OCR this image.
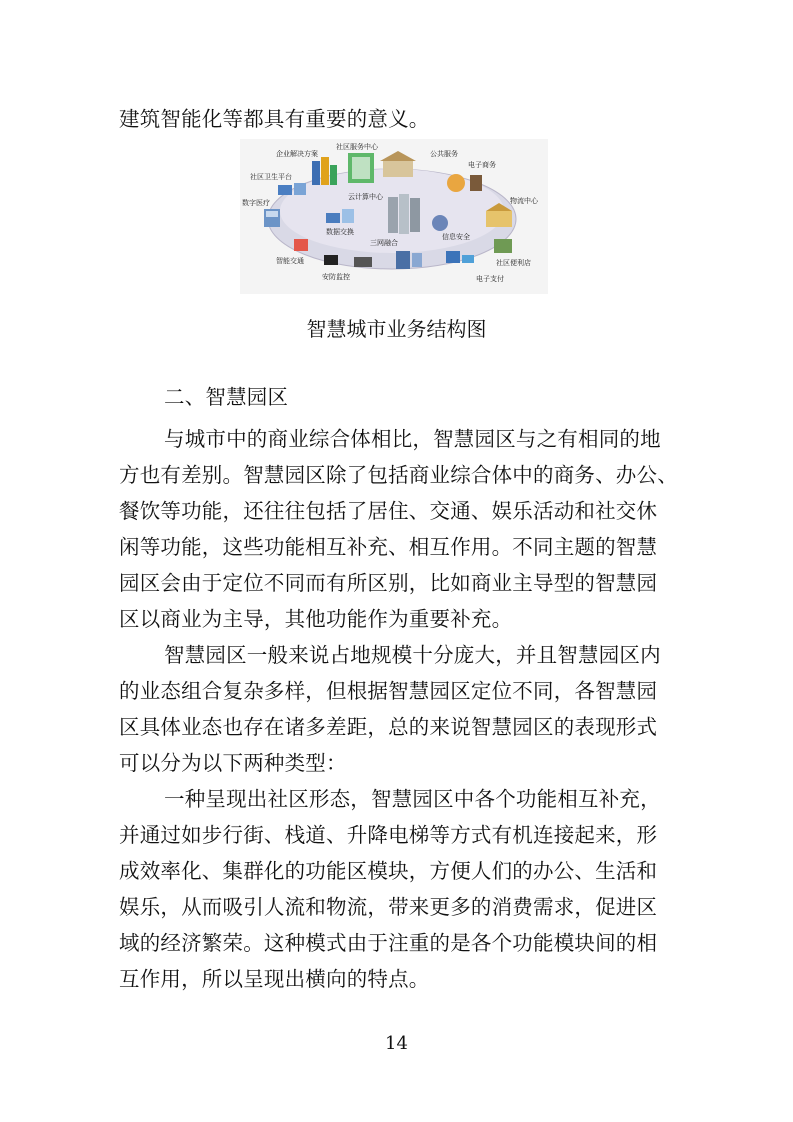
建筑智能化等都具有重要的意义。
企业解决方案
社区服务中心
公共服务
电子商务
社区卫生平台
物流中心
数字医疗
云计算中心
数据交换
信息安全
三网融合
智能交通
安防监控
社区便利店
电子支付
智慧城市业务结构图
二、智慧园区
与城市中的商业综合体相比，智慧园区与之有相同的地
方也有差别。智慧园区除了包括商业综合体中的商务、办公、
餐饮等功能，还往往包括了居住、交通、娱乐活动和社交休
闲等功能，这些功能相互补充、相互作用。不同主题的智慧
园区会由于定位不同而有所区别，比如商业主导型的智慧园
区以商业为主导，其他功能作为重要补充。
智慧园区一般来说占地规模十分庞大，并且智慧园区内
的业态组合复杂多样，但根据智慧园区定位不同，各智慧园
区具体业态也存在诸多差距，总的来说智慧园区的表现形式
可以分为以下两种类型：
一种呈现出社区形态，智慧园区中各个功能相互补充，
并通过如步行街、栈道、升降电梯等方式有机连接起来，形
成效率化、集群化的功能区模块，方便人们的办公、生活和
娱乐，从而吸引人流和物流，带来更多的消费需求，促进区
域的经济繁荣。这种模式由于注重的是各个功能模块间的相
互作用，所以呈现出横向的特点。
14
